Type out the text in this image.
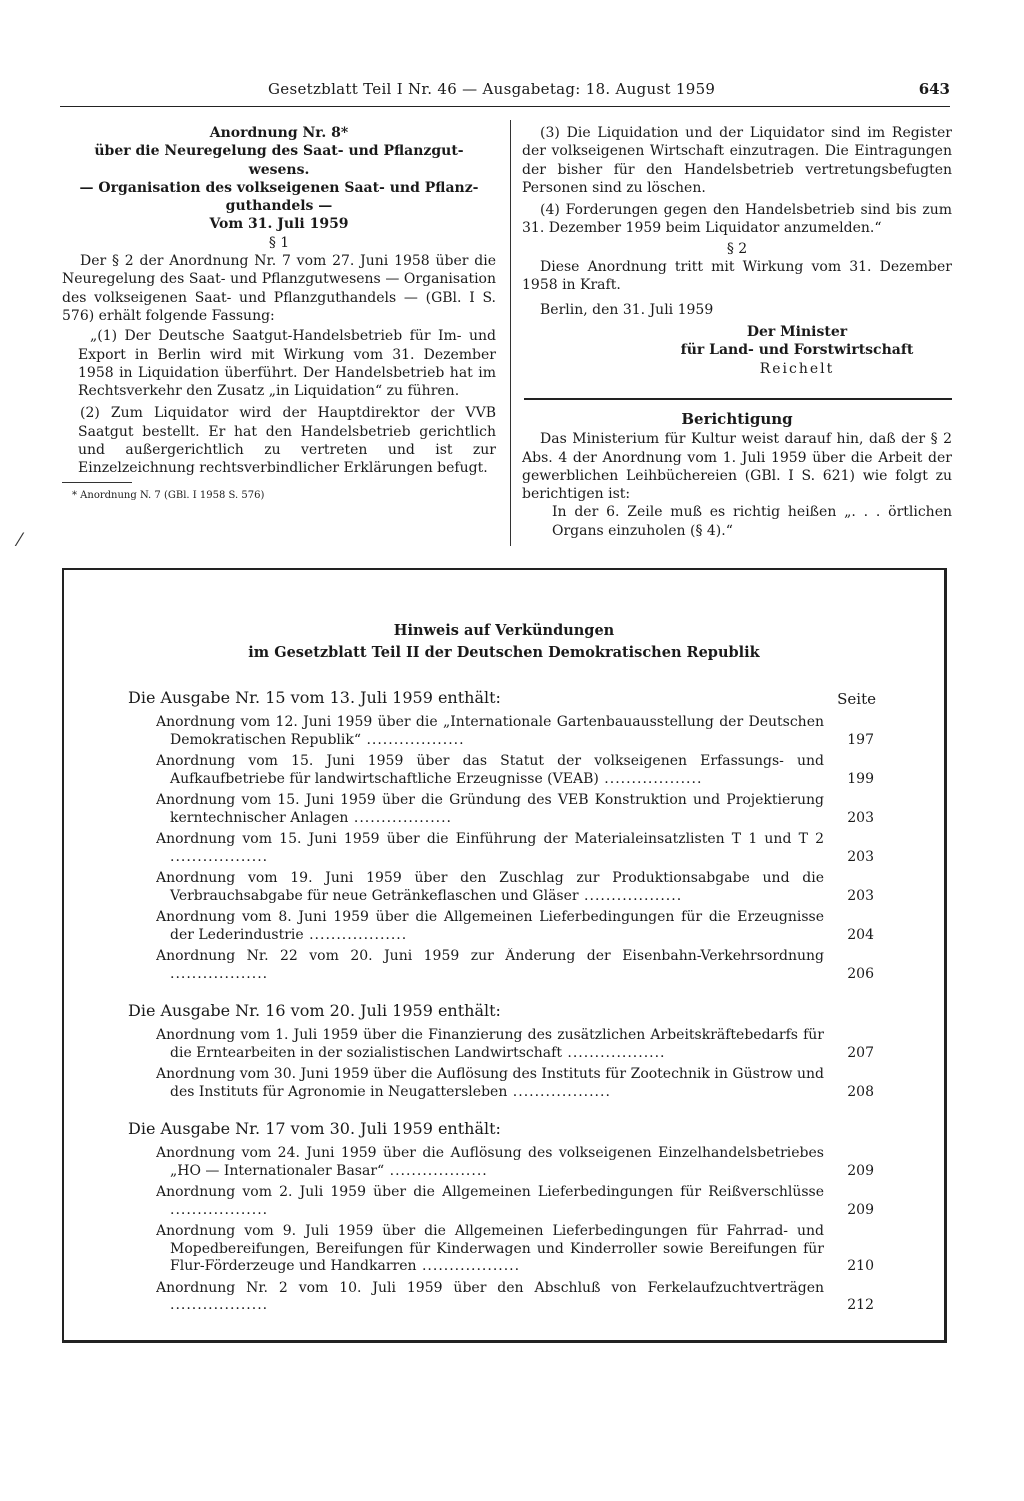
Gesetzblatt Teil I Nr. 46 — Ausgabetag: 18. August 1959	643

Anordnung Nr. 8*

über die Neuregelung des Saat- und Pflanzgut-

wesens.

— Organisation des volkseigenen Saat- und Pflanz-

guthandels —

Vom 31. Juli 1959

§ 1

Der § 2 der Anordnung Nr. 7 vom 27. Juni 1958 über die Neuregelung des Saat- und Pflanzgutwesens — Organisation des volkseigenen Saat- und Pflanzguthandels — (GBl. I S. 576) erhält folgende Fassung:

„(1) Der Deutsche Saatgut-Handelsbetrieb für Im- und Export in Berlin wird mit Wirkung vom 31. Dezember 1958 in Liquidation überführt. Der Handelsbetrieb hat im Rechtsverkehr den Zusatz „in Liquidation“ zu führen.

(2) Zum Liquidator wird der Hauptdirektor der VVB Saatgut bestellt. Er hat den Handelsbetrieb gerichtlich und außergerichtlich zu vertreten und ist zur Einzelzeichnung rechtsverbindlicher Erklärungen befugt.

* Anordnung N. 7 (GBl. I 1958 S. 576)

(3) Die Liquidation und der Liquidator sind im Register der volkseigenen Wirtschaft einzutragen. Die Eintragungen der bisher für den Handelsbetrieb vertretungsbefugten Personen sind zu löschen.

(4) Forderungen gegen den Handelsbetrieb sind bis zum 31. Dezember 1959 beim Liquidator anzumelden.“

§ 2

Diese Anordnung tritt mit Wirkung vom 31. Dezember 1958 in Kraft.

Berlin, den 31. Juli 1959

Der Minister

für Land- und Forstwirtschaft

Reichelt

Berichtigung

Das Ministerium für Kultur weist darauf hin, daß der § 2 Abs. 4 der Anordnung vom 1. Juli 1959 über die Arbeit der gewerblichen Leihbüchereien (GBl. I S. 621) wie folgt zu berichtigen ist:

In der 6. Zeile muß es richtig heißen „. . . örtlichen Organs einzuholen (§ 4).“

⁄
Hinweis auf Verkündungen
im Gesetzblatt Teil II der Deutschen Demokratischen Republik
Die Ausgabe Nr. 15 vom 13. Juli 1959 enthält:	Seite
Anordnung vom 12. Juni 1959 über die „Internationale Gartenbauausstellung der Deutschen Demokratischen Republik“ ..................	197
Anordnung vom 15. Juni 1959 über das Statut der volkseigenen Erfassungs- und Aufkaufbetriebe für landwirtschaftliche Erzeugnisse (VEAB) ..................	199
Anordnung vom 15. Juni 1959 über die Gründung des VEB Konstruktion und Projektierung kerntechnischer Anlagen ..................	203
Anordnung vom 15. Juni 1959 über die Einführung der Materialeinsatzlisten T 1 und T 2 ..................	203
Anordnung vom 19. Juni 1959 über den Zuschlag zur Produktionsabgabe und die Verbrauchsabgabe für neue Getränkeflaschen und Gläser ..................	203
Anordnung vom 8. Juni 1959 über die Allgemeinen Lieferbedingungen für die Erzeugnisse der Lederindustrie ..................	204
Anordnung Nr. 22 vom 20. Juni 1959 zur Änderung der Eisenbahn-Verkehrsordnung ..................	206
Die Ausgabe Nr. 16 vom 20. Juli 1959 enthält:
Anordnung vom 1. Juli 1959 über die Finanzierung des zusätzlichen Arbeitskräftebedarfs für die Erntearbeiten in der sozialistischen Landwirtschaft ..................	207
Anordnung vom 30. Juni 1959 über die Auflösung des Instituts für Zootechnik in Güstrow und des Instituts für Agronomie in Neugattersleben ..................	208
Die Ausgabe Nr. 17 vom 30. Juli 1959 enthält:
Anordnung vom 24. Juni 1959 über die Auflösung des volkseigenen Einzelhandelsbetriebes „HO — Internationaler Basar“ ..................	209
Anordnung vom 2. Juli 1959 über die Allgemeinen Lieferbedingungen für Reißverschlüsse ..................	209
Anordnung vom 9. Juli 1959 über die Allgemeinen Lieferbedingungen für Fahrrad- und Mopedbereifungen, Bereifungen für Kinderwagen und Kinderroller sowie Bereifungen für Flur-Förderzeuge und Handkarren ..................	210
Anordnung Nr. 2 vom 10. Juli 1959 über den Abschluß von Ferkelaufzuchtverträgen ..................	212
